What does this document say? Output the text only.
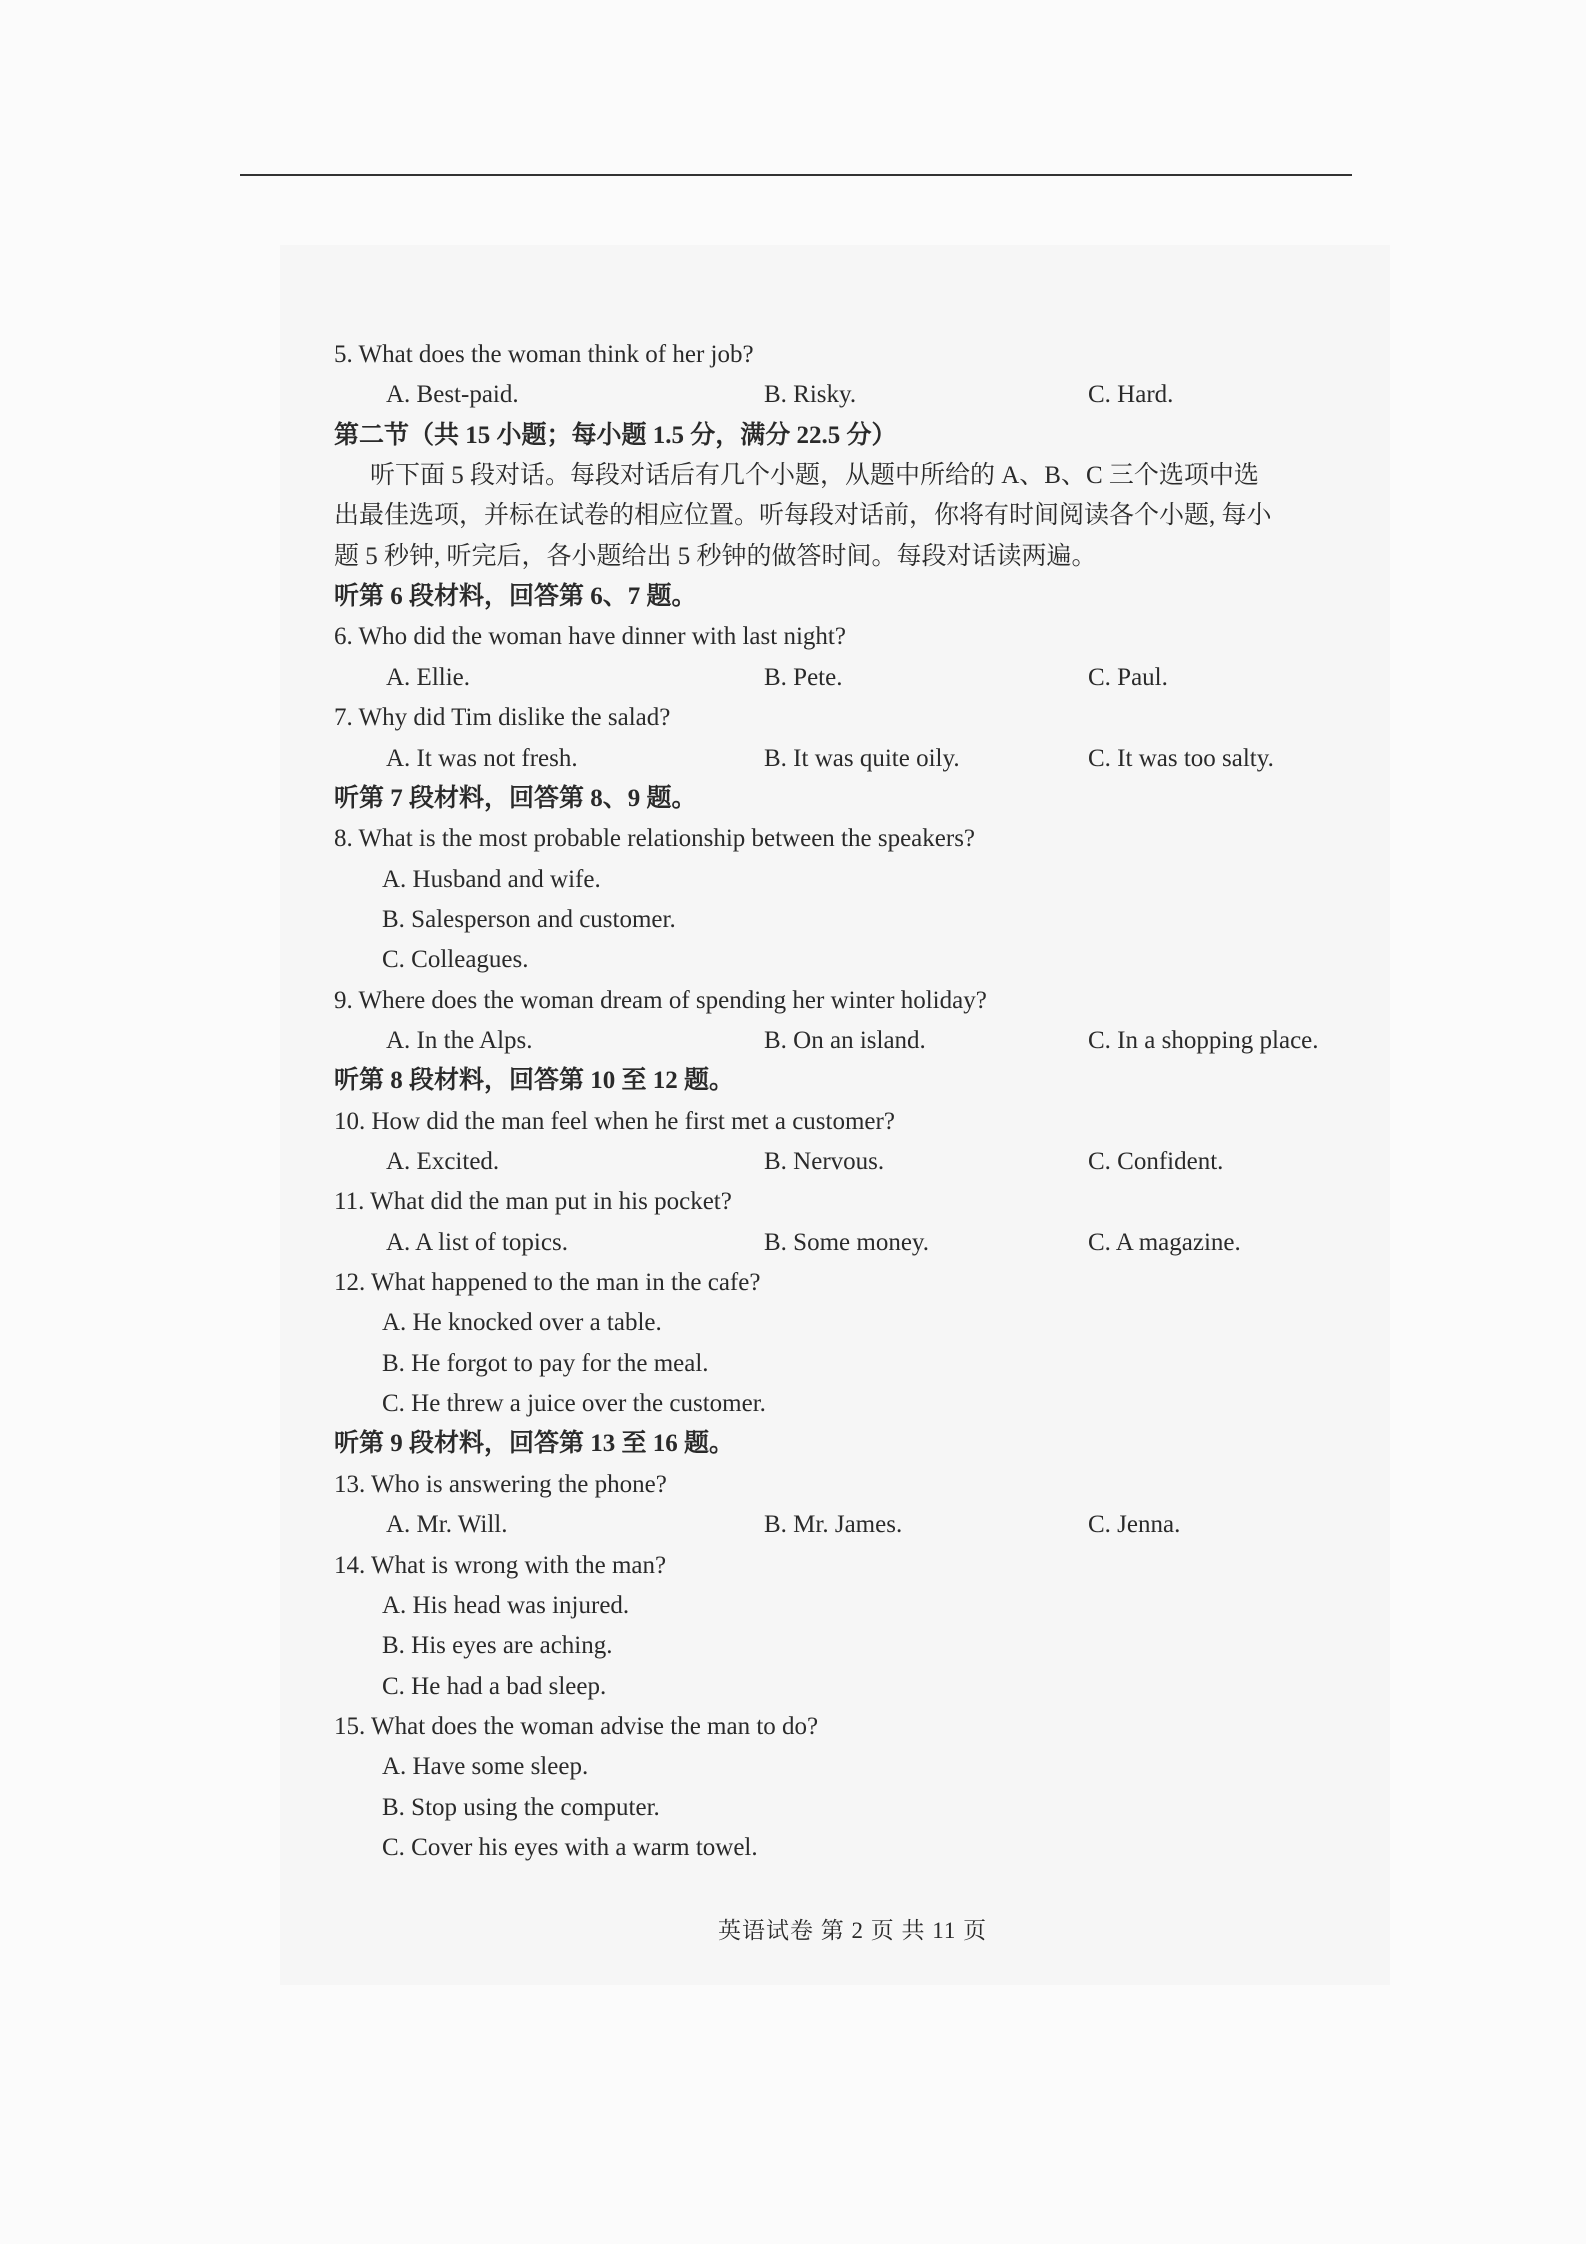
5. What does the woman think of her job?
A. Best-paid.	B. Risky.	C. Hard.
第二节（共 15 小题；每小题 1.5 分，满分 22.5 分）
听下面 5 段对话。每段对话后有几个小题，从题中所给的 A、B、C 三个选项中选
出最佳选项，并标在试卷的相应位置。听每段对话前，你将有时间阅读各个小题, 每小
题 5 秒钟, 听完后，各小题给出 5 秒钟的做答时间。每段对话读两遍。
听第 6 段材料，回答第 6、7 题。
6. Who did the woman have dinner with last night?
A. Ellie.	B. Pete.	C. Paul.
7. Why did Tim dislike the salad?
A. It was not fresh.	B. It was quite oily.	C. It was too salty.
听第 7 段材料，回答第 8、9 题。
8. What is the most probable relationship between the speakers?
A. Husband and wife.
B. Salesperson and customer.
C. Colleagues.
9. Where does the woman dream of spending her winter holiday?
A. In the Alps.	B. On an island.	C. In a shopping place.
听第 8 段材料，回答第 10 至 12 题。
10. How did the man feel when he first met a customer?
A. Excited.	B. Nervous.	C. Confident.
11. What did the man put in his pocket?
A. A list of topics.	B. Some money.	C. A magazine.
12. What happened to the man in the cafe?
A. He knocked over a table.
B. He forgot to pay for the meal.
C. He threw a juice over the customer.
听第 9 段材料，回答第 13 至 16 题。
13. Who is answering the phone?
A. Mr. Will.	B. Mr. James.	C. Jenna.
14. What is wrong with the man?
A. His head was injured.
B. His eyes are aching.
C. He had a bad sleep.
15. What does the woman advise the man to do?
A. Have some sleep.
B. Stop using the computer.
C. Cover his eyes with a warm towel.
英语试卷 第 2 页 共 11 页
